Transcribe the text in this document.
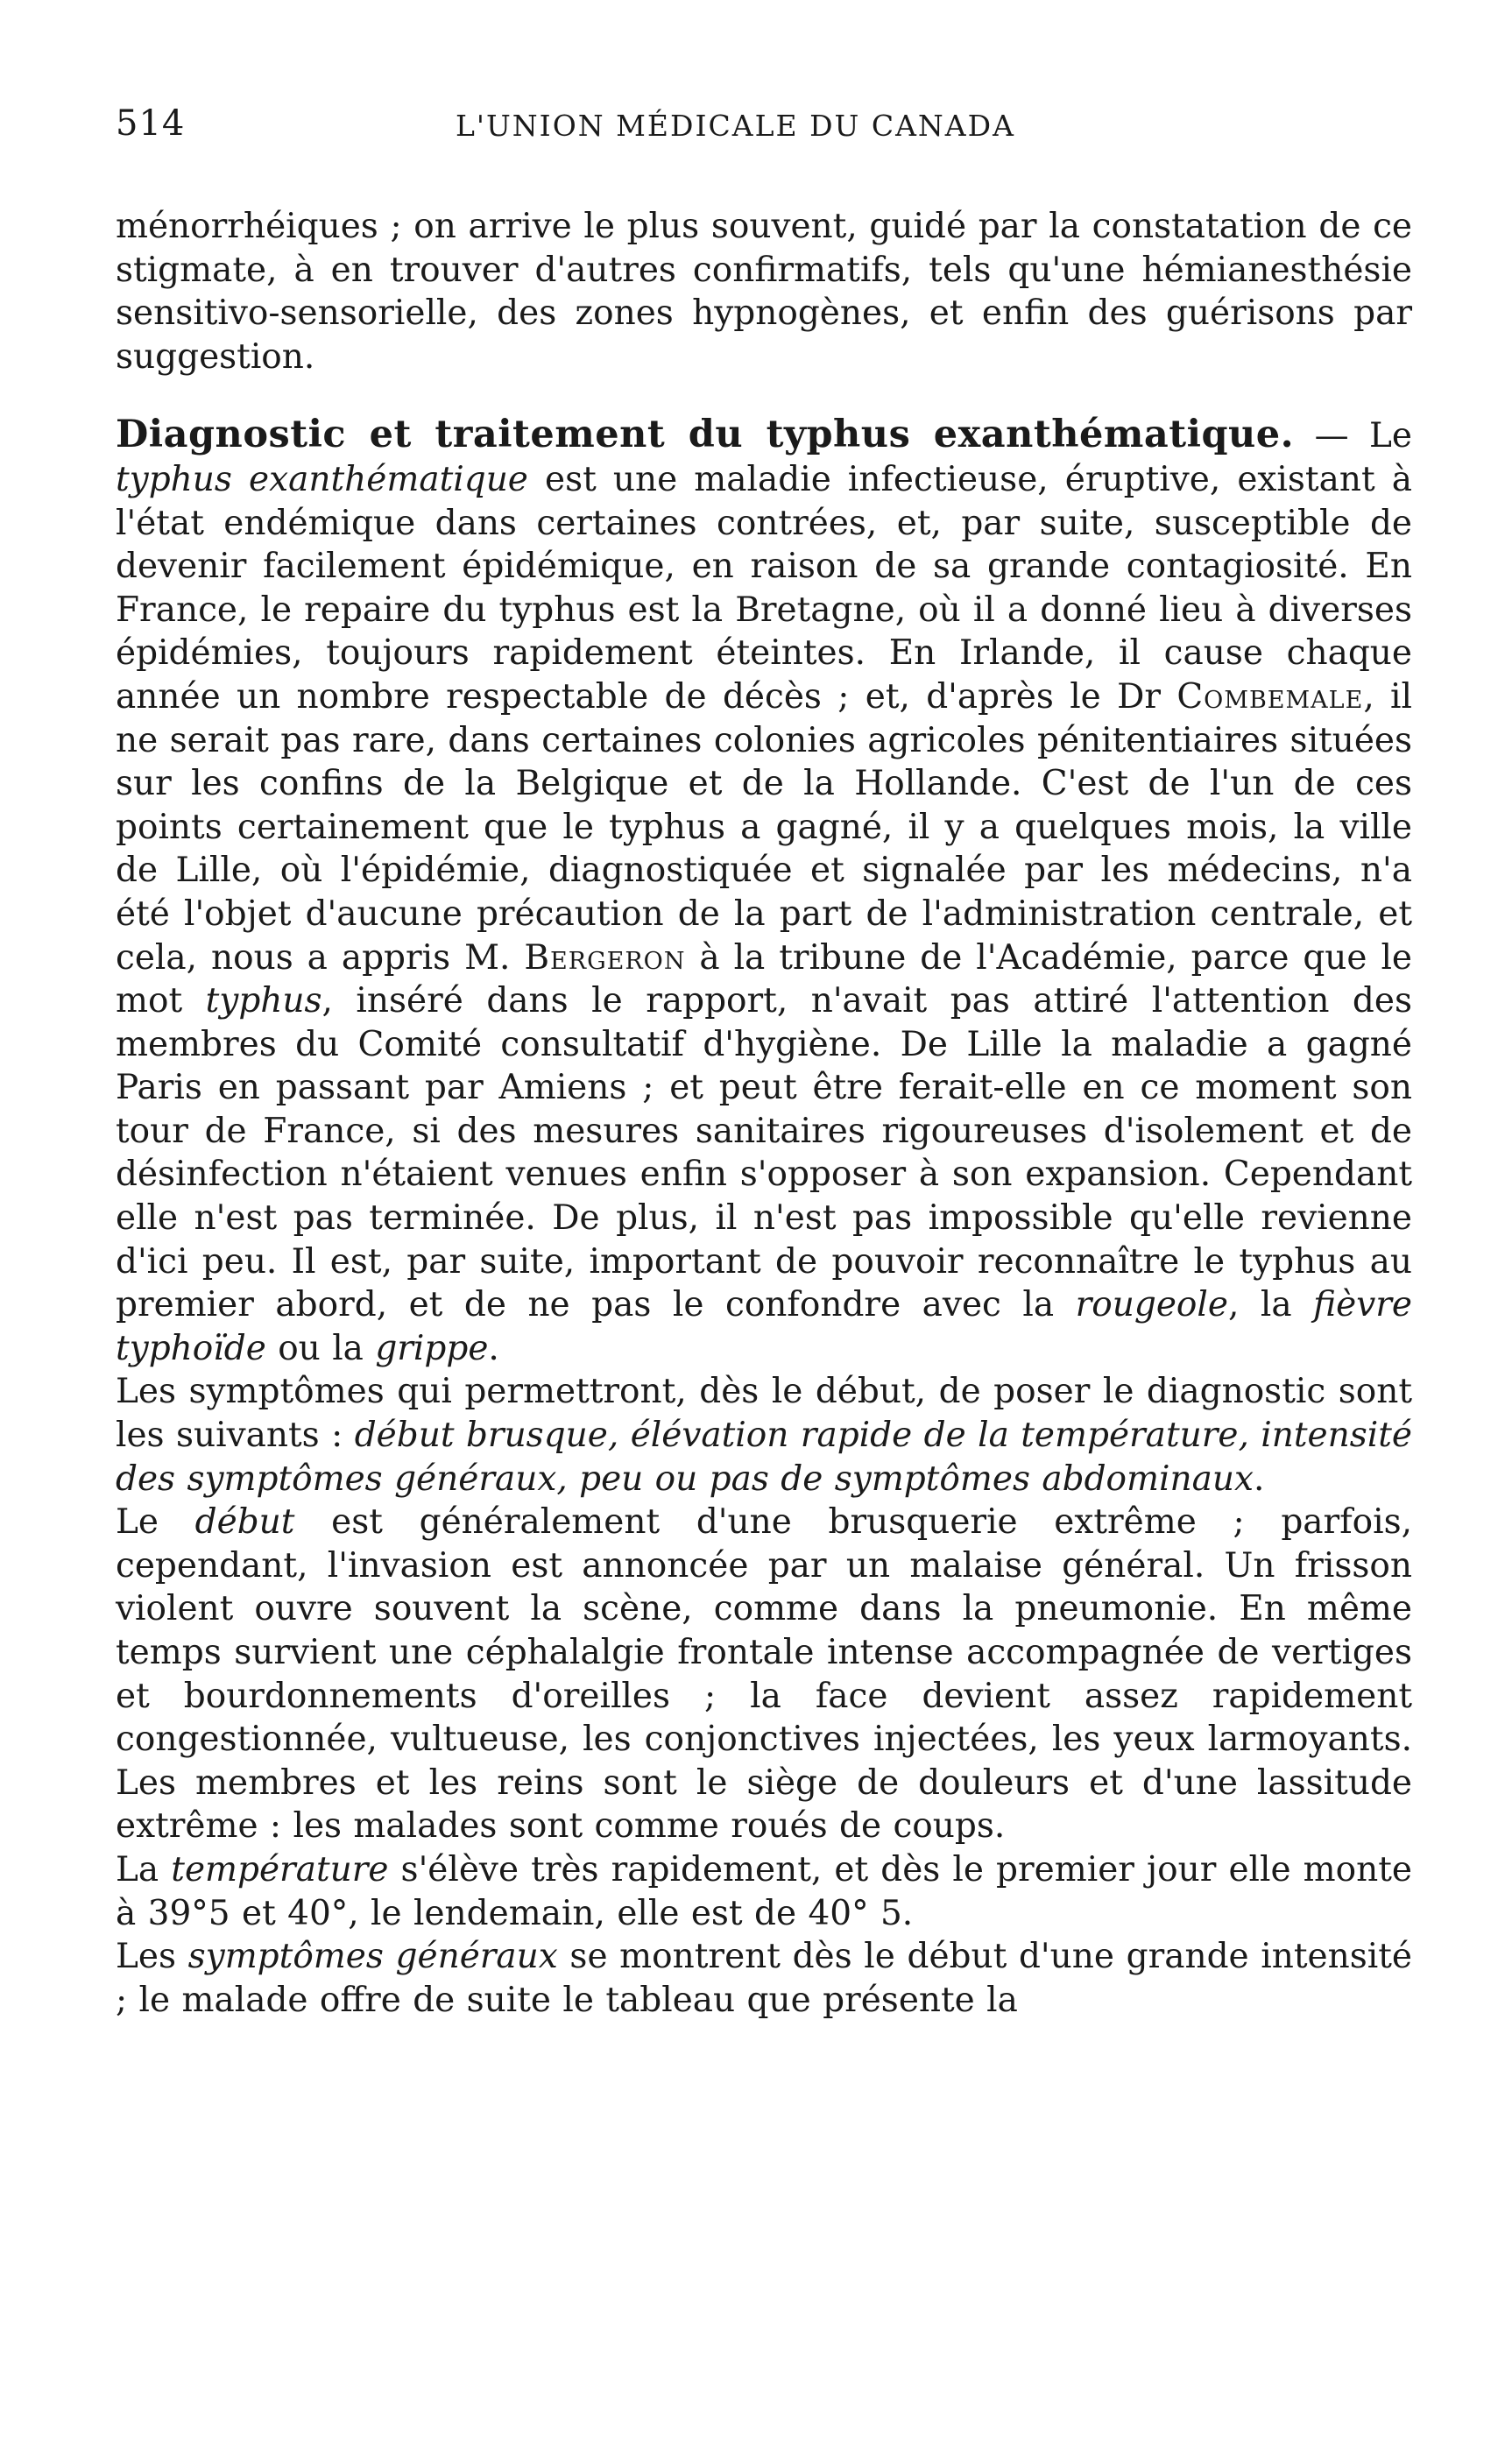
514	L'UNION MÉDICALE DU CANADA

ménorrhéiques ; on arrive le plus souvent, guidé par la constatation de ce stigmate, à en trouver d'autres confirmatifs, tels qu'une hémianesthésie sensitivo-sensorielle, des zones hypnogènes, et enfin des guérisons par suggestion.

Diagnostic et traitement du typhus exanthématique. — Le typhus exanthématique est une maladie infectieuse, éruptive, existant à l'état endémique dans certaines contrées, et, par suite, susceptible de devenir facilement épidémique, en raison de sa grande contagiosité. En France, le repaire du typhus est la Bretagne, où il a donné lieu à diverses épidémies, toujours rapidement éteintes. En Irlande, il cause chaque année un nombre respectable de décès ; et, d'après le Dr Combemale, il ne serait pas rare, dans certaines colonies agricoles pénitentiaires situées sur les confins de la Belgique et de la Hollande. C'est de l'un de ces points certainement que le typhus a gagné, il y a quelques mois, la ville de Lille, où l'épidémie, diagnostiquée et signalée par les médecins, n'a été l'objet d'aucune précaution de la part de l'administration centrale, et cela, nous a appris M. Bergeron à la tribune de l'Académie, parce que le mot typhus, inséré dans le rapport, n'avait pas attiré l'attention des membres du Comité consultatif d'hygiène. De Lille la maladie a gagné Paris en passant par Amiens ; et peut être ferait-elle en ce moment son tour de France, si des mesures sanitaires rigoureuses d'isolement et de désinfection n'étaient venues enfin s'opposer à son expansion. Cependant elle n'est pas terminée. De plus, il n'est pas impossible qu'elle revienne d'ici peu. Il est, par suite, important de pouvoir reconnaître le typhus au premier abord, et de ne pas le confondre avec la rougeole, la fièvre typhoïde ou la grippe.

Les symptômes qui permettront, dès le début, de poser le diagnostic sont les suivants : début brusque, élévation rapide de la température, intensité des symptômes généraux, peu ou pas de symptômes abdominaux.

Le début est généralement d'une brusquerie extrême ; parfois, cependant, l'invasion est annoncée par un malaise général. Un frisson violent ouvre souvent la scène, comme dans la pneumonie. En même temps survient une céphalalgie frontale intense accompagnée de vertiges et bourdonnements d'oreilles ; la face devient assez rapidement congestionnée, vultueuse, les conjonctives injectées, les yeux larmoyants. Les membres et les reins sont le siège de douleurs et d'une lassitude extrême : les malades sont comme roués de coups.

La température s'élève très rapidement, et dès le premier jour elle monte à 39°5 et 40°, le lendemain, elle est de 40° 5.

Les symptômes généraux se montrent dès le début d'une grande intensité ; le malade offre de suite le tableau que présente la
